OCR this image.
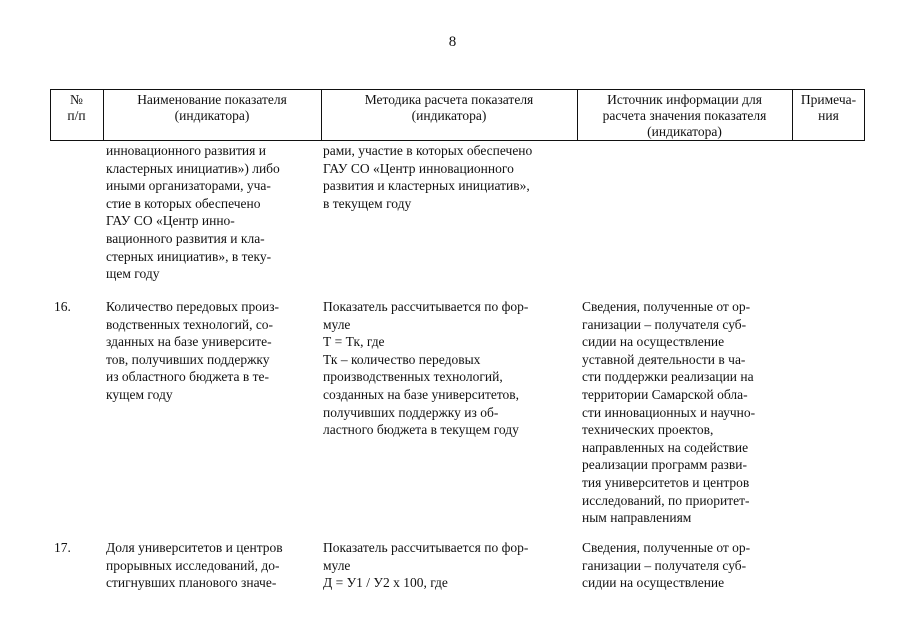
8
№
п/п
Наименование показателя
(индикатора)
Методика расчета показателя
(индикатора)
Источник информации для
расчета значения показателя
(индикатора)
Примеча-
ния
инновационного развития и
кластерных инициатив») либо
иными организаторами, уча-
стие в которых обеспечено
ГАУ СО «Центр инно-
вационного развития и кла-
стерных инициатив», в теку-
щем году
рами, участие в которых обеспечено
ГАУ СО «Центр инновационного
развития и кластерных инициатив»,
в текущем году
16.	Количество передовых произ-
водственных технологий, со-
зданных на базе университе-
тов, получивших поддержку
из областного бюджета в те-
кущем году
Показатель рассчитывается по фор-
муле
Т = Тк, где
Тк – количество передовых
производственных технологий,
созданных на базе университетов,
получивших поддержку из об-
ластного бюджета в текущем году
Сведения, полученные от ор-
ганизации – получателя суб-
сидии на осуществление
уставной деятельности в ча-
сти поддержки реализации на
территории Самарской обла-
сти инновационных и научно-
технических проектов,
направленных на содействие
реализации программ разви-
тия университетов и центров
исследований, по приоритет-
ным направлениям
17.	Доля университетов и центров
прорывных исследований, до-
стигнувших планового значе-
Показатель рассчитывается по фор-
муле
Д = У1 / У2 х 100, где
Сведения, полученные от ор-
ганизации – получателя суб-
сидии на осуществление
